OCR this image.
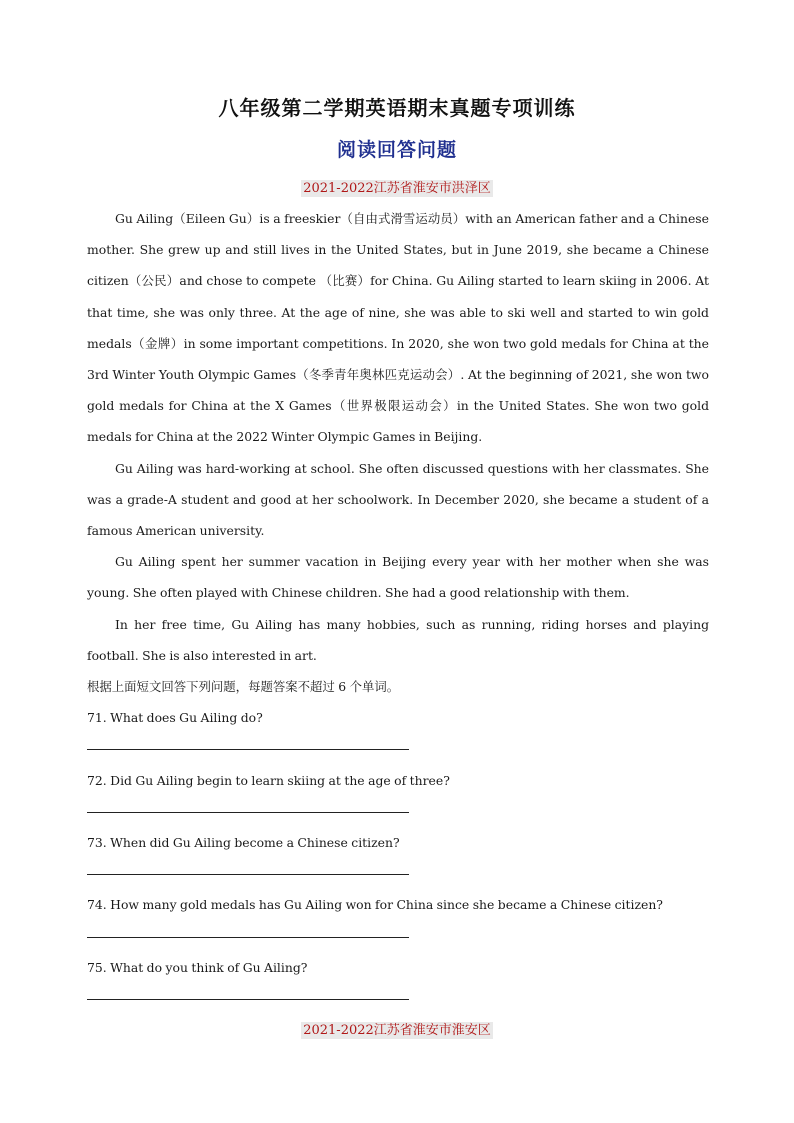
八年级第二学期英语期末真题专项训练
阅读回答问题
2021-2022江苏省淮安市洪泽区

Gu Ailing（Eileen Gu）is a freeskier（自由式滑雪运动员）with an American father and a Chinese mother. She grew up and still lives in the United States, but in June 2019, she became a Chinese citizen（公民）and chose to compete （比赛）for China. Gu Ailing started to learn skiing in 2006. At that time, she was only three. At the age of nine, she was able to ski well and started to win gold medals（金牌）in some important competitions. In 2020, she won two gold medals for China at the 3rd Winter Youth Olympic Games（冬季青年奥林匹克运动会）. At the beginning of 2021, she won two gold medals for China at the X Games（世界极限运动会）in the United States. She won two gold medals for China at the 2022 Winter Olympic Games in Beijing.

Gu Ailing was hard-working at school. She often discussed questions with her classmates. She was a grade-A student and good at her schoolwork. In December 2020, she became a student of a famous American university.

Gu Ailing spent her summer vacation in Beijing every year with her mother when she was young. She often played with Chinese children. She had a good relationship with them.

In her free time, Gu Ailing has many hobbies, such as running, riding horses and playing football. She is also interested in art.

根据上面短文回答下列问题，每题答案不超过 6 个单词。
71. What does Gu Ailing do?
72. Did Gu Ailing begin to learn skiing at the age of three?
73. When did Gu Ailing become a Chinese citizen?
74. How many gold medals has Gu Ailing won for China since she became a Chinese citizen?
75. What do you think of Gu Ailing?
2021-2022江苏省淮安市淮安区
